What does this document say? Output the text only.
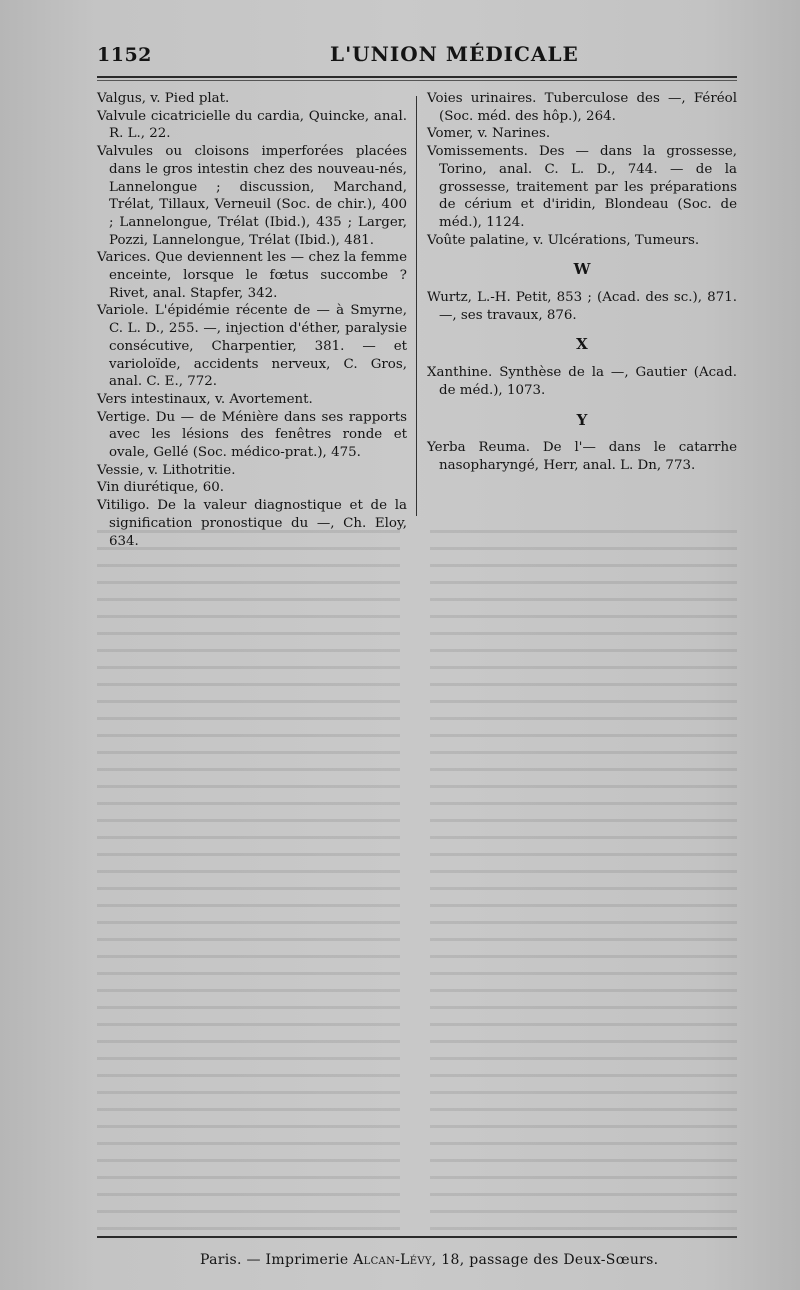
1152	L'UNION MÉDICALE

Valgus, v. Pied plat.

Valvule cicatricielle du cardia, Quincke, anal. R. L., 22.

Valvules ou cloisons imperforées placées dans le gros intestin chez des nouveau-nés, Lannelongue ; discussion, Marchand, Trélat, Tillaux, Verneuil (Soc. de chir.), 400 ; Lannelongue, Trélat (Ibid.), 435 ; Larger, Pozzi, Lannelongue, Trélat (Ibid.), 481.

Varices. Que deviennent les — chez la femme enceinte, lorsque le fœtus succombe ? Rivet, anal. Stapfer, 342.

Variole. L'épidémie récente de — à Smyrne, C. L. D., 255. —, injection d'éther, paralysie consécutive, Charpentier, 381. — et varioloïde, accidents nerveux, C. Gros, anal. C. E., 772.

Vers intestinaux, v. Avortement.

Vertige. Du — de Ménière dans ses rapports avec les lésions des fenêtres ronde et ovale, Gellé (Soc. médico-prat.), 475.

Vessie, v. Lithotritie.

Vin diurétique, 60.

Vitiligo. De la valeur diagnostique et de la signification pronostique du —, Ch. Eloy, 634.

Voies urinaires. Tuberculose des —, Féréol (Soc. méd. des hôp.), 264.

Vomer, v. Narines.

Vomissements. Des — dans la grossesse, Torino, anal. C. L. D., 744. — de la grossesse, traitement par les préparations de cérium et d'iridin, Blondeau (Soc. de méd.), 1124.

Voûte palatine, v. Ulcérations, Tumeurs.

W

Wurtz, L.-H. Petit, 853 ; (Acad. des sc.), 871. —, ses travaux, 876.

X

Xanthine. Synthèse de la —, Gautier (Acad. de méd.), 1073.

Y

Yerba Reuma. De l'— dans le catarrhe nasopharyngé, Herr, anal. L. Dn, 773.

Paris. — Imprimerie Alcan-Lévy, 18, passage des Deux-Sœurs.
